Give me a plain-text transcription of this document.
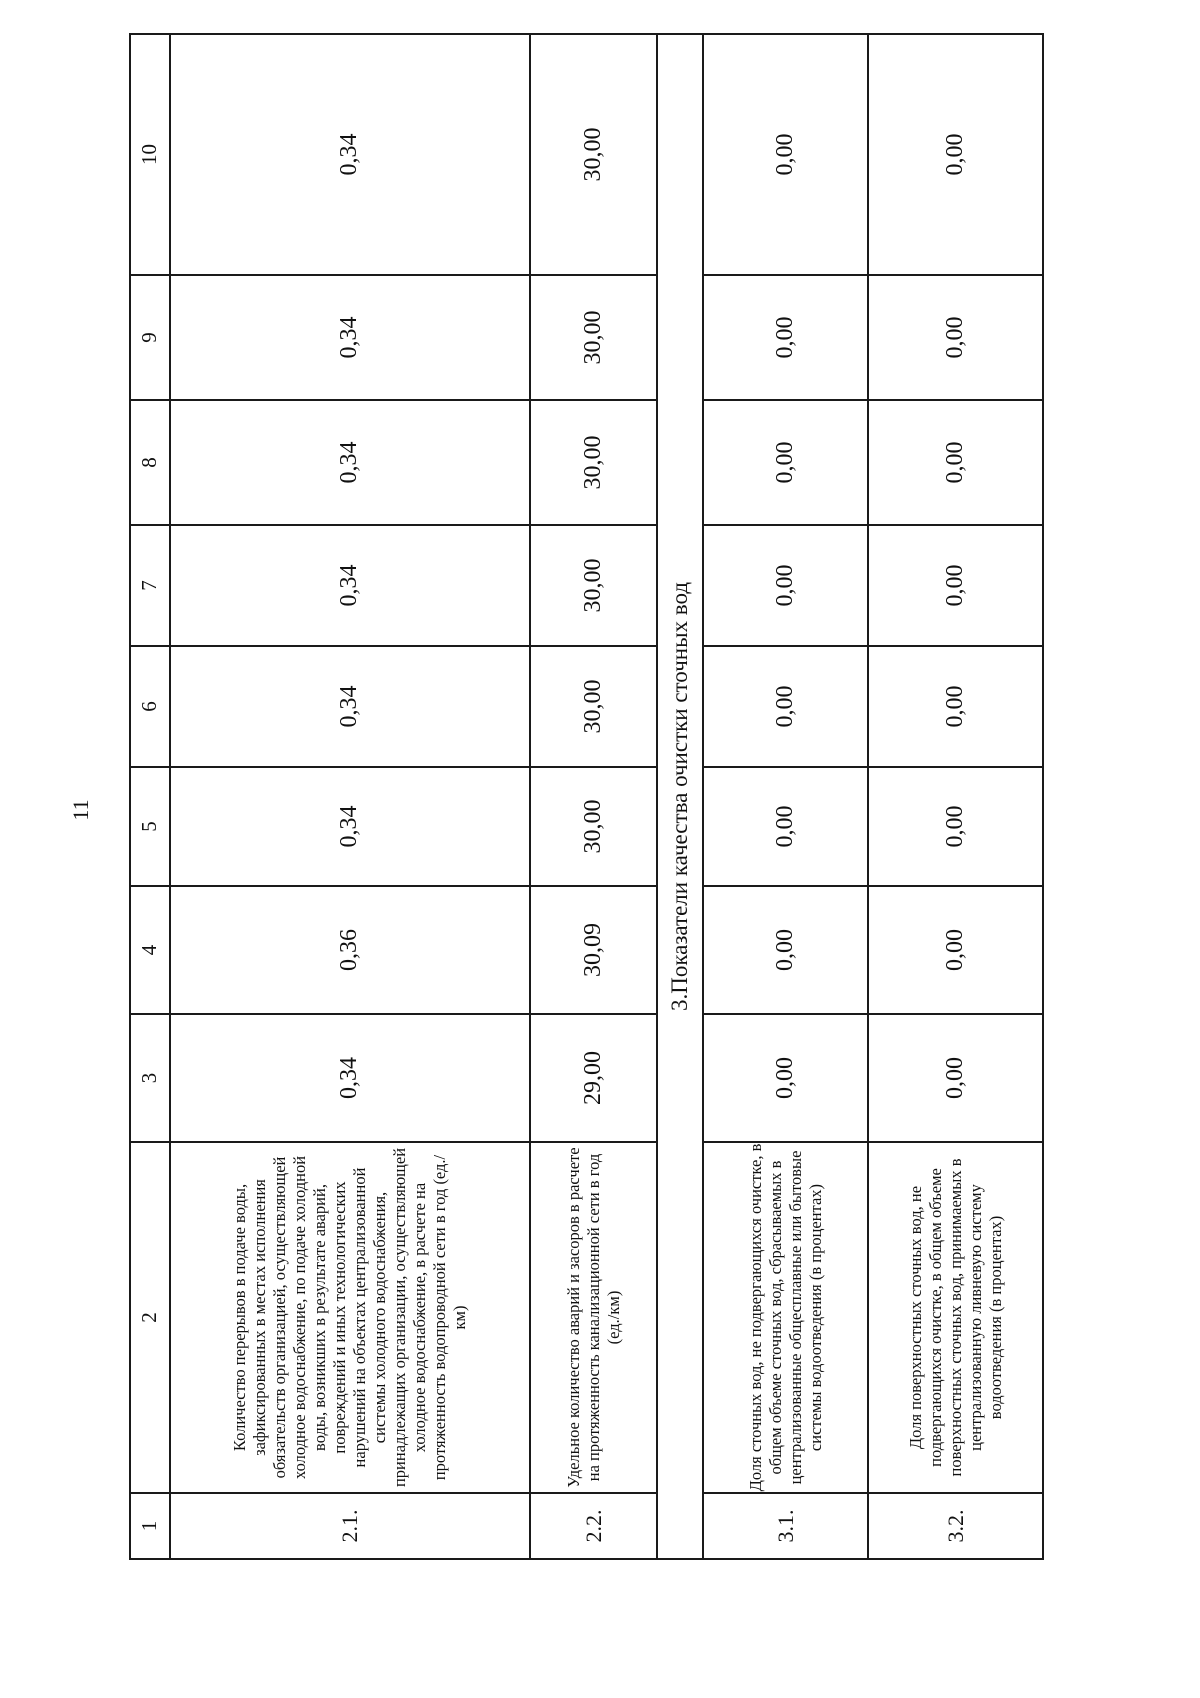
11
1	2	3	4	5	6	7	8	9	10
2.1.	Количество перерывов в подаче воды, зафиксированных в местах исполнения обязательств организацией, осуществляющей холодное водоснабжение, по подаче холодной воды, возникших в результате аварий, повреждений и иных технологических нарушений на объектах централизованной системы холодного водоснабжения, принадлежащих организации, осуществляющей холодное водоснабжение, в расчете на протяженность водопроводной сети в год (ед./км)	0,34	0,36	0,34	0,34	0,34	0,34	0,34	0,34
2.2.	Удельное количество аварий и засоров в расчете на протяженность канализационной сети в год (ед./км)	29,00	30,09	30,00	30,00	30,00	30,00	30,00	30,00
3.Показатели качества очистки сточных вод									
3.1.	Доля сточных вод, не подвергающихся очистке, в общем объеме сточных вод, сбрасываемых в централизованные общесплавные или бытовые системы водоотведения (в процентах)	0,00	0,00	0,00	0,00	0,00	0,00	0,00	0,00
3.2.	Доля поверхностных сточных вод, не подвергающихся очистке, в общем объеме поверхностных сточных вод, принимаемых в централизованную ливневую систему водоотведения (в процентах)	0,00	0,00	0,00	0,00	0,00	0,00	0,00	0,00
